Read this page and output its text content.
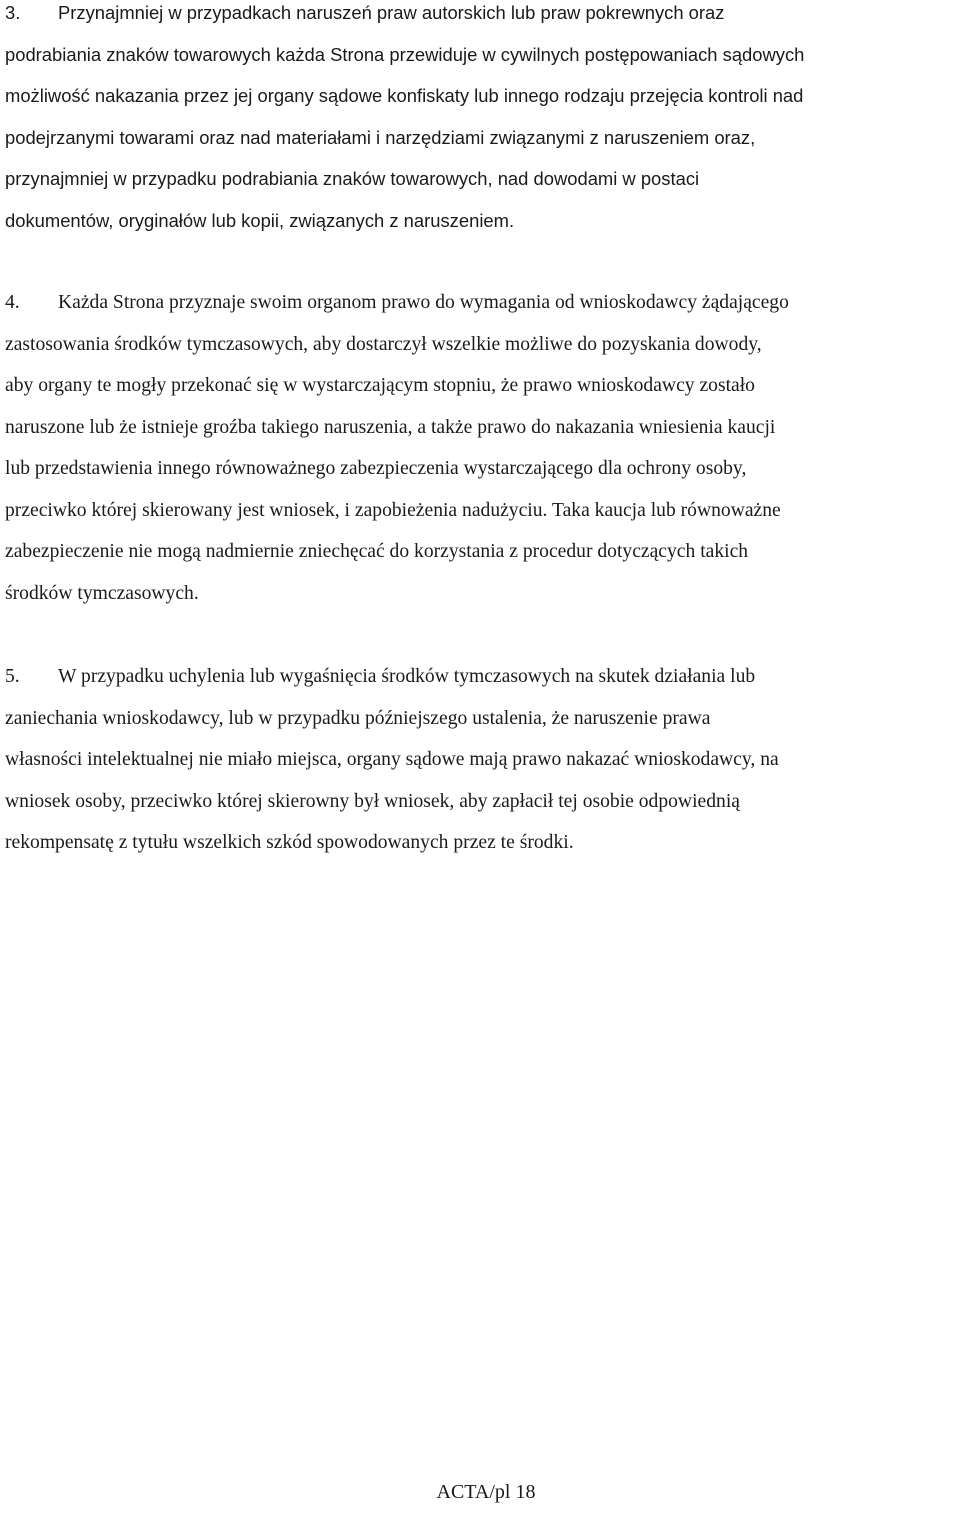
3.	Przynajmniej w przypadkach naruszeń praw autorskich lub praw pokrewnych oraz
podrabiania znaków towarowych każda Strona przewiduje w cywilnych postępowaniach sądowych
możliwość nakazania przez jej organy sądowe konfiskaty lub innego rodzaju przejęcia kontroli nad
podejrzanymi towarami oraz nad materiałami i narzędziami związanymi z naruszeniem oraz,
przynajmniej w przypadku podrabiania znaków towarowych, nad dowodami w postaci
dokumentów, oryginałów lub kopii, związanych z naruszeniem.
4.	Każda Strona przyznaje swoim organom prawo do wymagania od wnioskodawcy żądającego
zastosowania środków tymczasowych, aby dostarczył wszelkie możliwe do pozyskania dowody,
aby organy te mogły przekonać się w wystarczającym stopniu, że prawo wnioskodawcy zostało
naruszone lub że istnieje groźba takiego naruszenia, a także prawo do nakazania wniesienia kaucji
lub przedstawienia innego równoważnego zabezpieczenia wystarczającego dla ochrony osoby,
przeciwko której skierowany jest wniosek, i zapobieżenia nadużyciu. Taka kaucja lub równoważne
zabezpieczenie nie mogą nadmiernie zniechęcać do korzystania z procedur dotyczących takich
środków tymczasowych.
5.	W przypadku uchylenia lub wygaśnięcia środków tymczasowych na skutek działania lub
zaniechania wnioskodawcy, lub w przypadku późniejszego ustalenia, że naruszenie prawa
własności intelektualnej nie miało miejsca, organy sądowe mają prawo nakazać wnioskodawcy, na
wniosek osoby, przeciwko której skierowny był wniosek, aby zapłacił tej osobie odpowiednią
rekompensatę z tytułu wszelkich szkód spowodowanych przez te środki.

ACTA/pl 18
